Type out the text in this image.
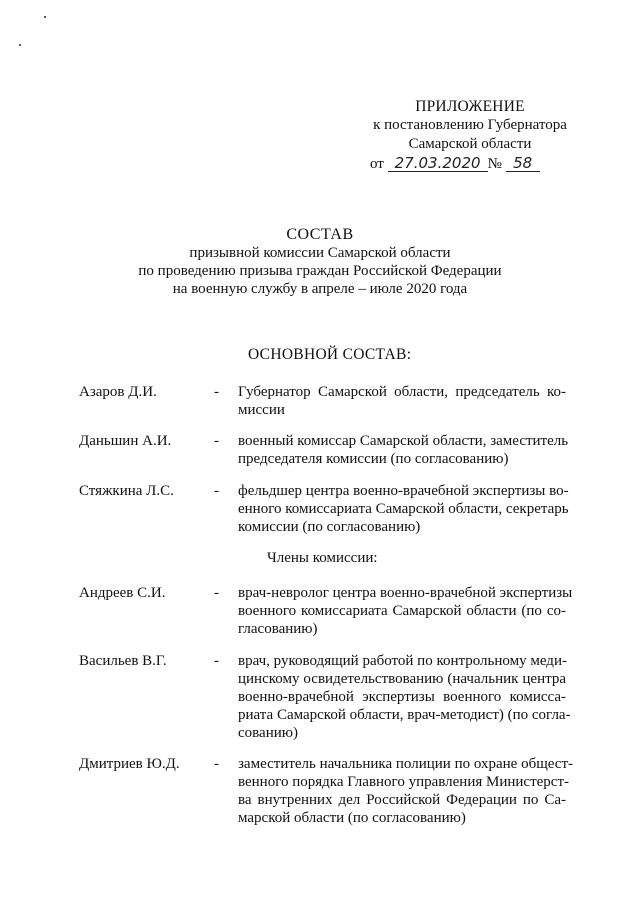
ПРИЛОЖЕНИЕ
к постановлению Губернатора
Самарской области
от 27.03.2020 № 58
СОСТАВ
призывной комиссии Самарской области
по проведению призыва граждан Российской Федерации
на военную службу в апреле – июле 2020 года
ОСНОВНОЙ СОСТАВ:
Азаров Д.И.	- Губернатор Самарской области, председатель ко-
миссии
Даньшин А.И.	- военный комиссар Самарской области, заместитель
председателя комиссии (по согласованию)
Стяжкина Л.С.	- фельдшер центра военно-врачебной экспертизы во-
енного комиссариата Самарской области, секретарь
комиссии (по согласованию)
Члены комиссии:
Андреев С.И.	- врач-невролог центра военно-врачебной экспертизы
военного комиссариата Самарской области (по со-
гласованию)
Васильев В.Г.	- врач, руководящий работой по контрольному меди-
цинскому освидетельствованию (начальник центра
военно-врачебной экспертизы военного комисса-
риата Самарской области, врач-методист) (по согла-
сованию)
Дмитриев Ю.Д. - заместитель начальника полиции по охране общест-
венного порядка Главного управления Министерст-
ва внутренних дел Российской Федерации по Са-
марской области (по согласованию)
